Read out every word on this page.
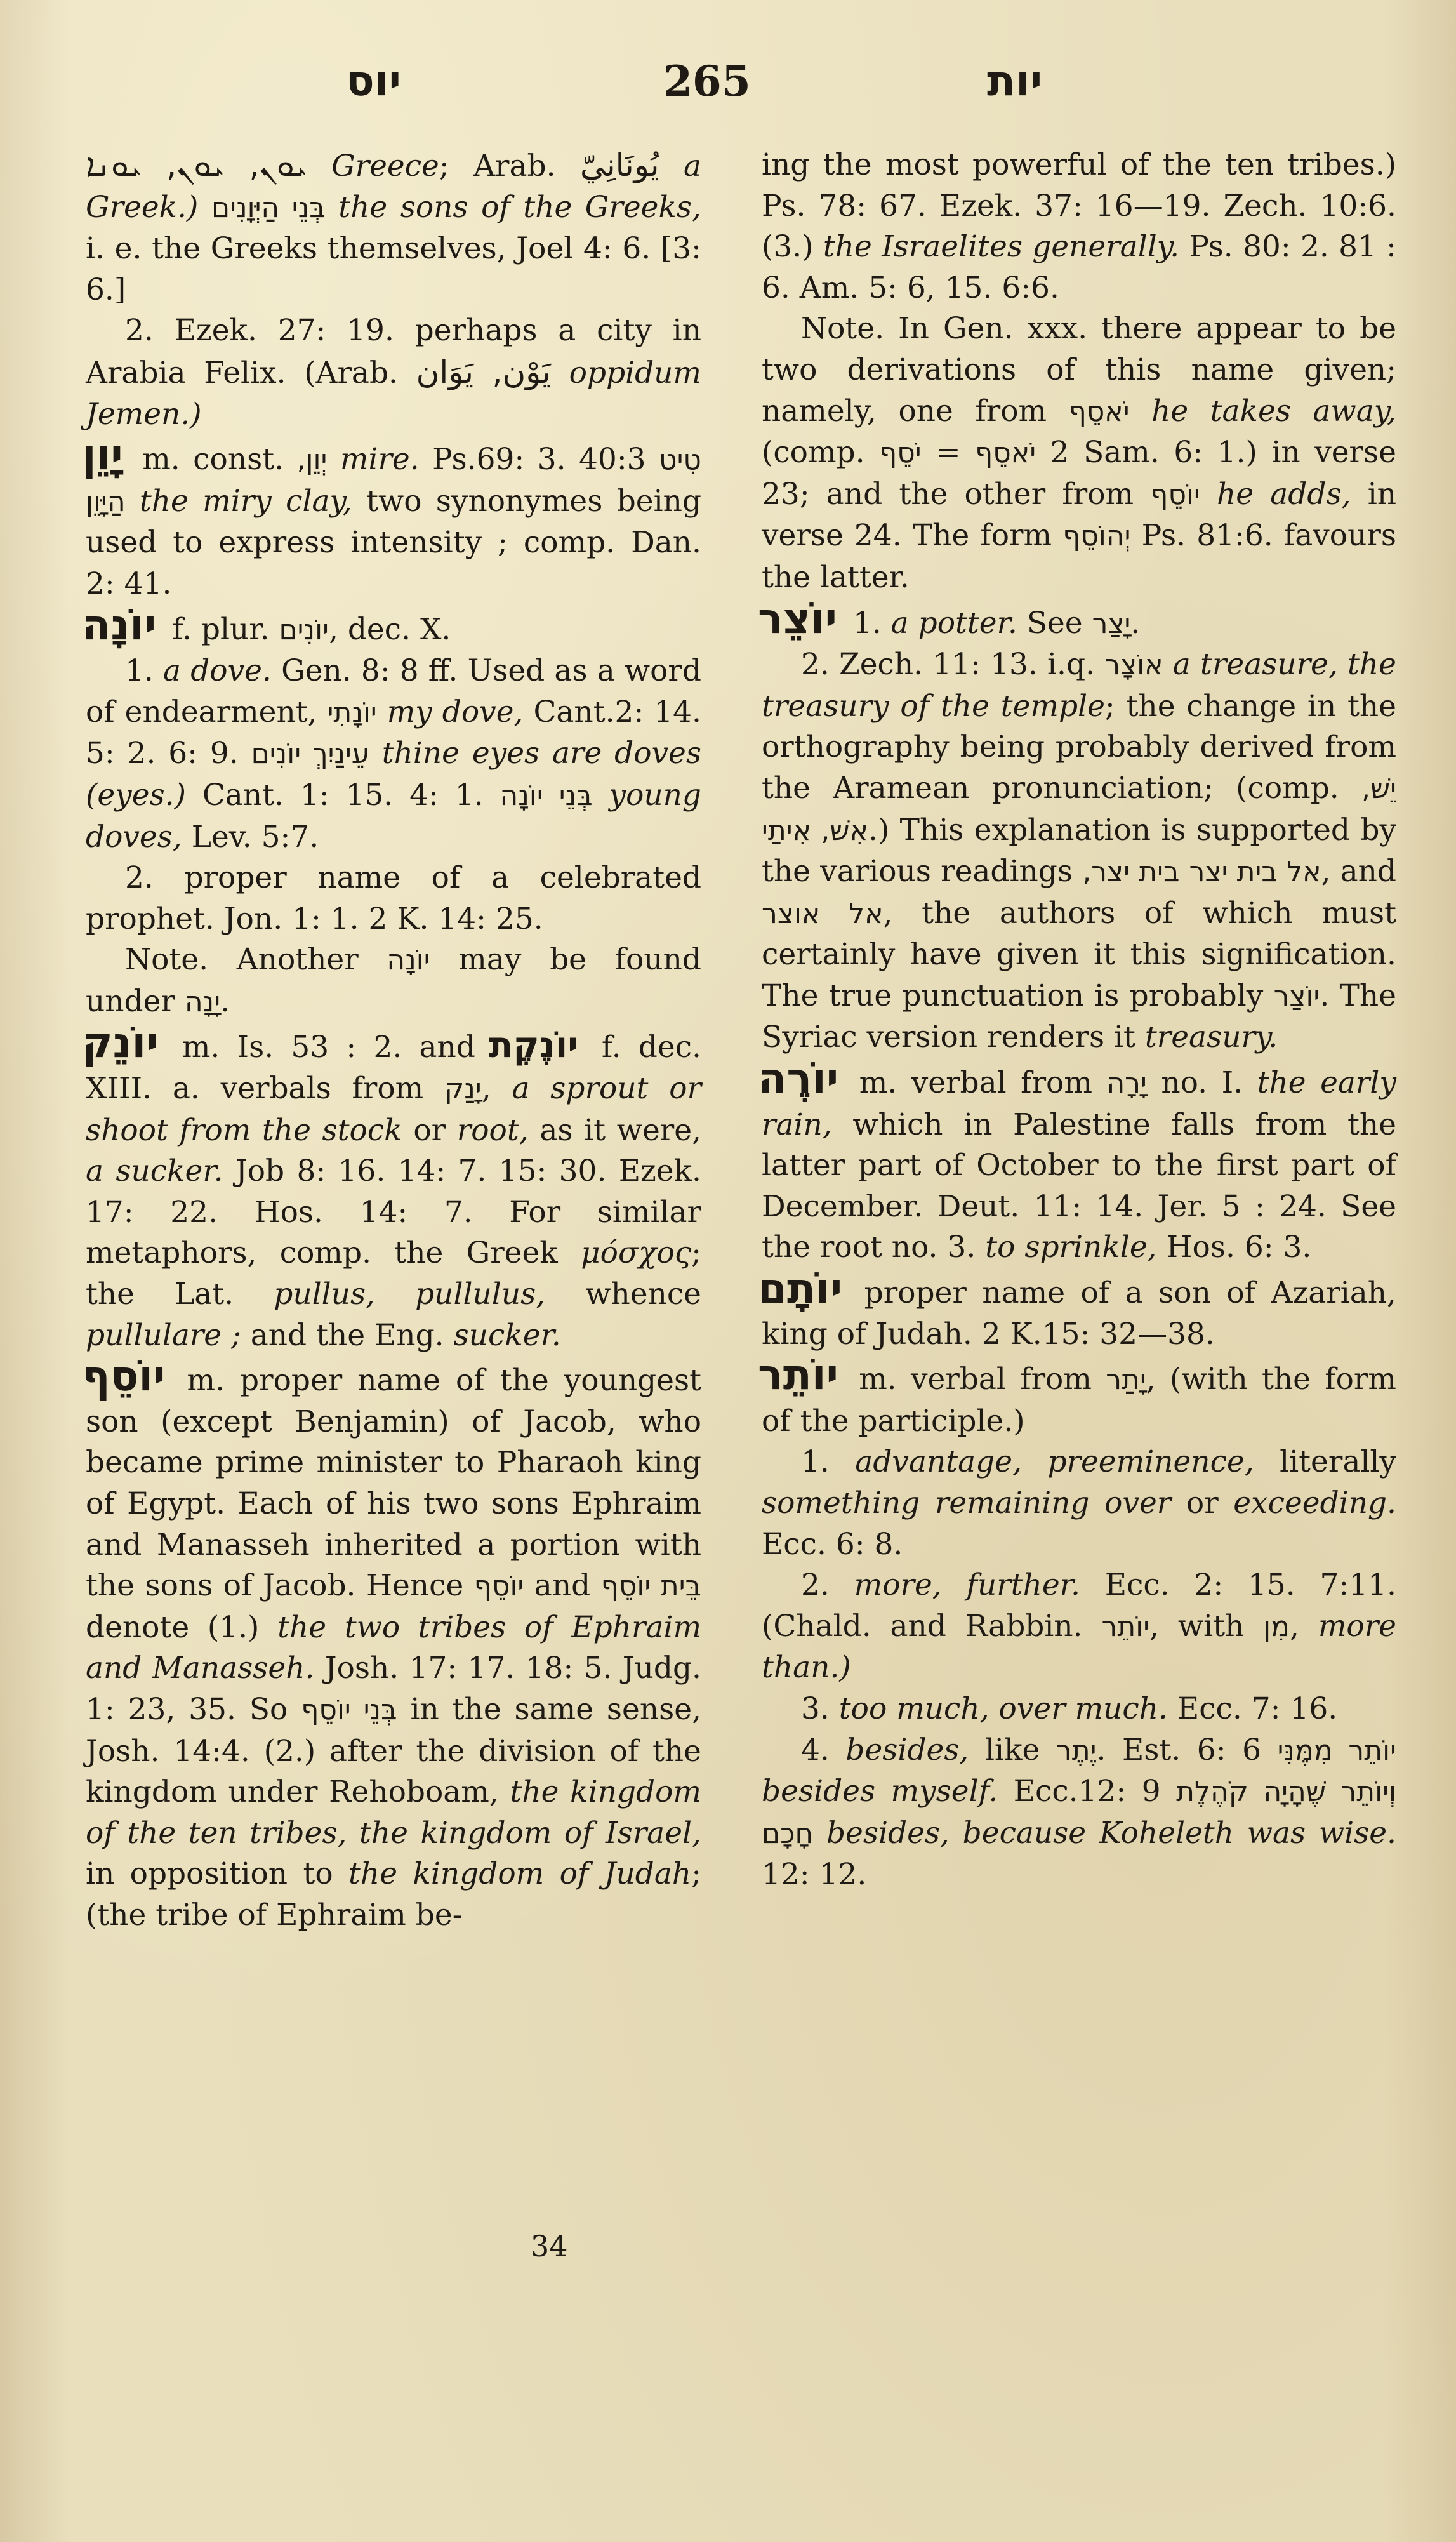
יוס	265	יות

ܝܘܢ, ܝܘܢ, ܝܘܢܐ Greece; Arab. يُونَانِيّ a Greek.) בְּנֵי הַיְּוָנִים the sons of the Greeks, i. e. the Greeks themselves, Joel 4: 6. [3: 6.]

2. Ezek. 27: 19. perhaps a city in Arabia Felix. (Arab. يَوْن, يَوَان oppidum Jemen.)

יָוֵן m. const. יְוֵן, mire. Ps.69: 3. 40:3 טִיט הַיָּוֵן the miry clay, two synonymes being used to express intensity ; comp. Dan. 2: 41.

יוֹנָה f. plur. יוֹנִים, dec. X.

1. a dove. Gen. 8: 8 ff. Used as a word of endearment, יוֹנָתִי my dove, Cant.2: 14. 5: 2. 6: 9. עֵינַיִךְ יוֹנִים thine eyes are doves (eyes.) Cant. 1: 15. 4: 1. בְּנֵי יוֹנָה young doves, Lev. 5:7.

2. proper name of a celebrated prophet. Jon. 1: 1. 2 K. 14: 25.

Note. Another יוֹנָה may be found under יָנָה.

יוֹנֵק m. Is. 53 : 2. and יוֹנֶקֶת f. dec. XIII. a. verbals from יָנַק, a sprout or shoot from the stock or root, as it were, a sucker. Job 8: 16. 14: 7. 15: 30. Ezek. 17: 22. Hos. 14: 7. For similar metaphors, comp. the Greek μόσχος; the Lat. pullus, pullulus, whence pullulare ; and the Eng. sucker.

יוֹסֵף m. proper name of the youngest son (except Benjamin) of Jacob, who became prime minister to Pharaoh king of Egypt. Each of his two sons Ephraim and Manasseh inherited a portion with the sons of Jacob. Hence יוֹסֵף and בֵּית יוֹסֵף denote (1.) the two tribes of Ephraim and Manasseh. Josh. 17: 17. 18: 5. Judg. 1: 23, 35. So בְּנֵי יוֹסֵף in the same sense, Josh. 14:4. (2.) after the division of the kingdom under Rehoboam, the kingdom of the ten tribes, the kingdom of Israel, in opposition to the kingdom of Judah; (the tribe of Ephraim be-

34

ing the most powerful of the ten tribes.) Ps. 78: 67. Ezek. 37: 16—19. Zech. 10:6. (3.) the Israelites generally. Ps. 80: 2. 81 : 6. Am. 5: 6, 15. 6:6.

Note. In Gen. xxx. there appear to be two derivations of this name given; namely, one from יֹאסֵף he takes away, (comp. יֹסֵף = יֹאסֵף 2 Sam. 6: 1.) in verse 23; and the other from יוֹסֵף he adds, in verse 24. The form יְהוֹסֵף Ps. 81:6. favours the latter.

יוֹצֵר 1. a potter. See יָצַר.

2. Zech. 11: 13. i.q. אוֹצָר a treasure, the treasury of the temple; the change in the orthography being probably derived from the Aramean pronunciation; (comp. יֵשׁ, אִשׁ, אִיתַי.) This explanation is supported by the various readings בית יצר, אל בית יצר, and אל אוצר, the authors of which must certainly have given it this signification. The true punctuation is probably יוֹצַר. The Syriac version renders it treasury.

יוֹרֶה m. verbal from יָרָה no. I. the early rain, which in Palestine falls from the latter part of October to the first part of December. Deut. 11: 14. Jer. 5 : 24. See the root no. 3. to sprinkle, Hos. 6: 3.

יוֹתָם proper name of a son of Azariah, king of Judah. 2 K.15: 32—38.

יוֹתֵר m. verbal from יָתַר, (with the form of the participle.)

1. advantage, preeminence, literally something remaining over or exceeding. Ecc. 6: 8.

2. more, further. Ecc. 2: 15. 7:11. (Chald. and Rabbin. יוֹתֵר, with מִן, more than.)

3. too much, over much. Ecc. 7: 16.

4. besides, like יֶתֶר. Est. 6: 6 יוֹתֵר מִמֶּנִּי besides myself. Ecc.12: 9 וְיוֹתֵר שֶׁהָיָה קֹהֶלֶת חָכָם besides, because Koheleth was wise. 12: 12.
